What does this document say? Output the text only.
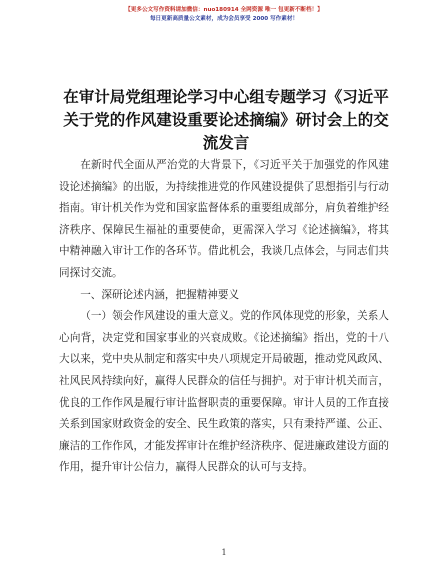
【更多公文写作资料请加微信：nuo180914 全网资源 唯一 包更新不断档！】
每日更新高质量公文素材，成为会员享受 2000 写作素材！
在审计局党组理论学习中心组专题学习《习近平关于党的作风建设重要论述摘编》研讨会上的交流发言

在新时代全面从严治党的大背景下，《习近平关于加强党的作风建设论述摘编》的出版，为持续推进党的作风建设提供了思想指引与行动指南。审计机关作为党和国家监督体系的重要组成部分，肩负着维护经济秩序、保障民生福祉的重要使命，更需深入学习《论述摘编》，将其中精神融入审计工作的各环节。借此机会，我谈几点体会，与同志们共同探讨交流。

一、深研论述内涵，把握精神要义

（一）领会作风建设的重大意义。党的作风体现党的形象，关系人心向背，决定党和国家事业的兴衰成败。《论述摘编》指出，党的十八大以来，党中央从制定和落实中央八项规定开局破题，推动党风政风、社风民风持续向好，赢得人民群众的信任与拥护。对于审计机关而言，优良的工作作风是履行审计监督职责的重要保障。审计人员的工作直接关系到国家财政资金的安全、民生政策的落实，只有秉持严谨、公正、廉洁的工作作风，才能发挥审计在维护经济秩序、促进廉政建设方面的作用，提升审计公信力，赢得人民群众的认可与支持。

1
